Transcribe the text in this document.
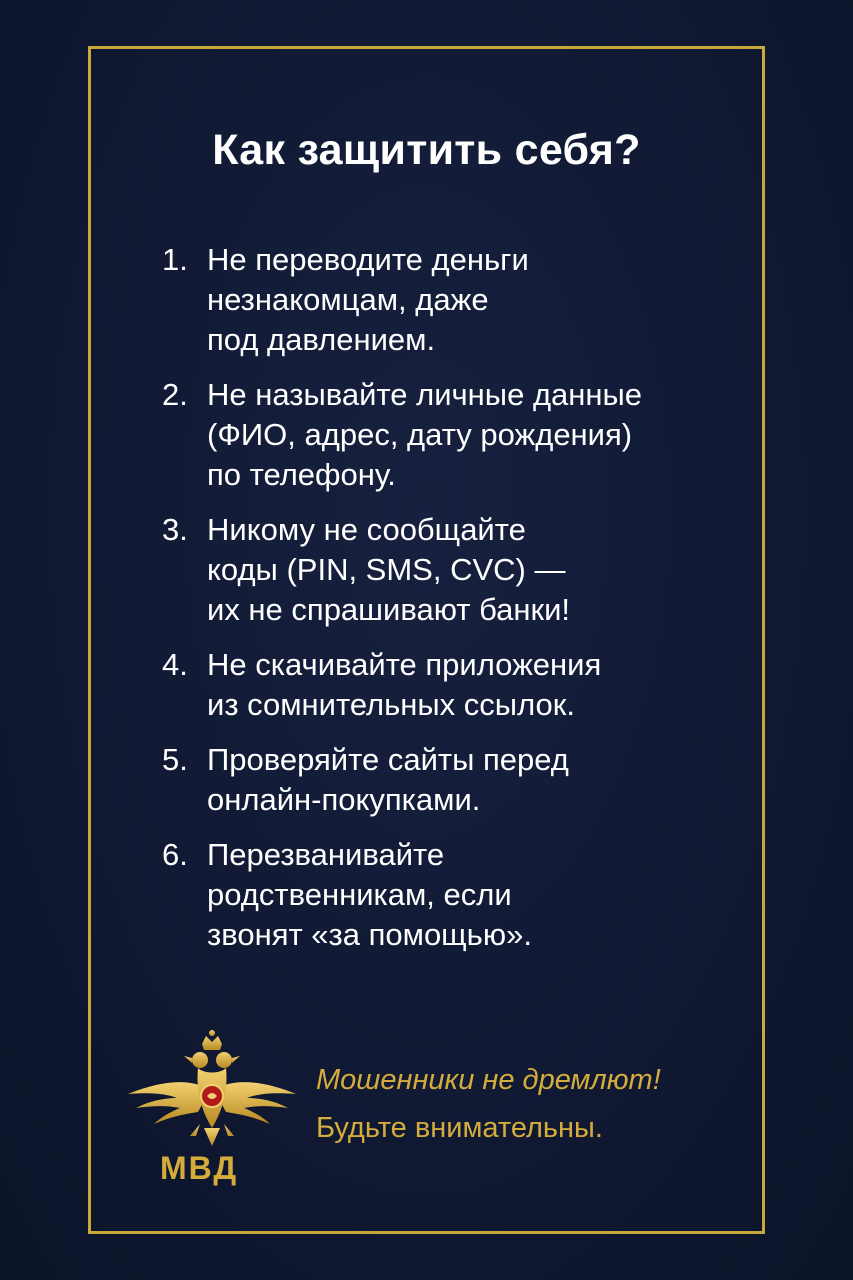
Как защитить себя?
1. Не переводите деньги
незнакомцам, даже
под давлением.
2. Не называйте личные данные
(ФИО, адрес, дату рождения)
по телефону.
3. Никому не сообщайте
коды (PIN, SMS, CVC) —
их не спрашивают банки!
4. Не скачивайте приложения
из сомнительных ссылок.
5. Проверяйте сайты перед
онлайн-покупками.
6. Перезванивайте
родственникам, если
звонят «за помощью».
МВД
Мошенники не дремлют!
Будьте внимательны.
